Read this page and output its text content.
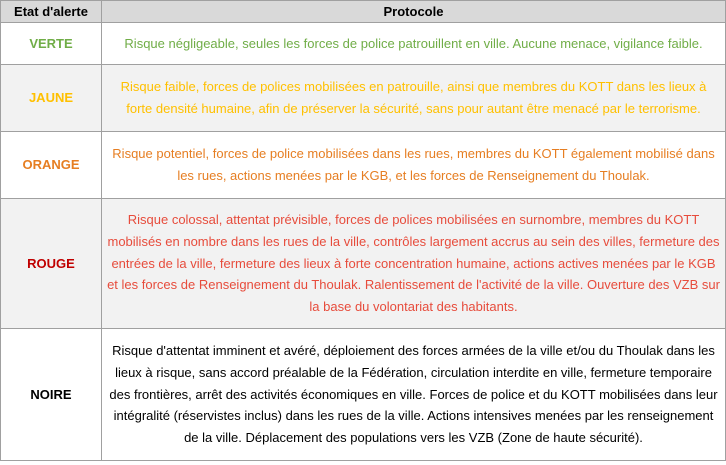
Etat d'alerte	Protocole
VERTE	Risque négligeable, seules les forces de police patrouillent en ville. Aucune menace, vigilance faible.
JAUNE	Risque faible, forces de polices mobilisées en patrouille, ainsi que membres du KOTT dans les lieux à forte densité humaine, afin de préserver la sécurité, sans pour autant être menacé par le terrorisme.
ORANGE	Risque potentiel, forces de police mobilisées dans les rues, membres du KOTT également mobilisé dans les rues, actions menées par le KGB, et les forces de Renseignement du Thoulak.
ROUGE	Risque colossal, attentat prévisible, forces de polices mobilisées en surnombre, membres du KOTT mobilisés en nombre dans les rues de la ville, contrôles largement accrus au sein des villes, fermeture des entrées de la ville, fermeture des lieux à forte concentration humaine, actions actives menées par le KGB et les forces de Renseignement du Thoulak. Ralentissement de l'activité de la ville. Ouverture des VZB sur la base du volontariat des habitants.
NOIRE	Risque d'attentat imminent et avéré, déploiement des forces armées de la ville et/ou du Thoulak dans les lieux à risque, sans accord préalable de la Fédération, circulation interdite en ville, fermeture temporaire des frontières, arrêt des activités économiques en ville. Forces de police et du KOTT mobilisées dans leur intégralité (réservistes inclus) dans les rues de la ville. Actions intensives menées par les renseignement de la ville. Déplacement des populations vers les VZB (Zone de haute sécurité).
